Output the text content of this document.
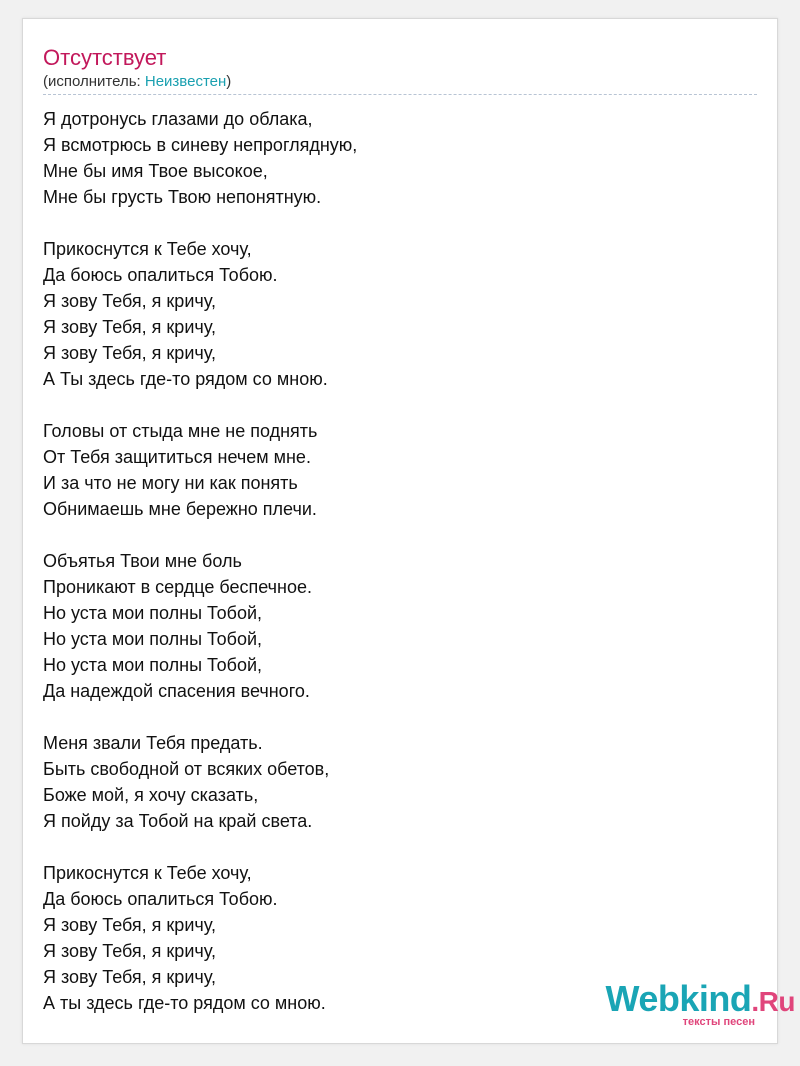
Отсутствует
(исполнитель: Неизвестен)
Я дотронусь глазами до облака,
Я всмотрюсь в синеву непроглядную,
Мне бы имя Твое высокое,
Мне бы грусть Твою непонятную.
Прикоснутся к Тебе хочу,
Да боюсь опалиться Тобою.
Я зову Тебя, я кричу,
Я зову Тебя, я кричу,
Я зову Тебя, я кричу,
А Ты здесь где-то рядом со мною.
Головы от стыда мне не поднять
От Тебя защититься нечем мне.
И за что не могу ни как понять
Обнимаешь мне бережно плечи.
Объятья Твои мне боль
Проникают в сердце беспечное.
Но уста мои полны Тобой,
Но уста мои полны Тобой,
Но уста мои полны Тобой,
Да надеждой спасения вечного.
Меня звали Тебя предать.
Быть свободной от всяких обетов,
Боже мой, я хочу сказать,
Я пойду за Тобой на край света.
Прикоснутся к Тебе хочу,
Да боюсь опалиться Тобою.
Я зову Тебя, я кричу,
Я зову Тебя, я кричу,
Я зову Тебя, я кричу,
А ты здесь где-то рядом со мною.	Webkind.Ru
тексты песен
